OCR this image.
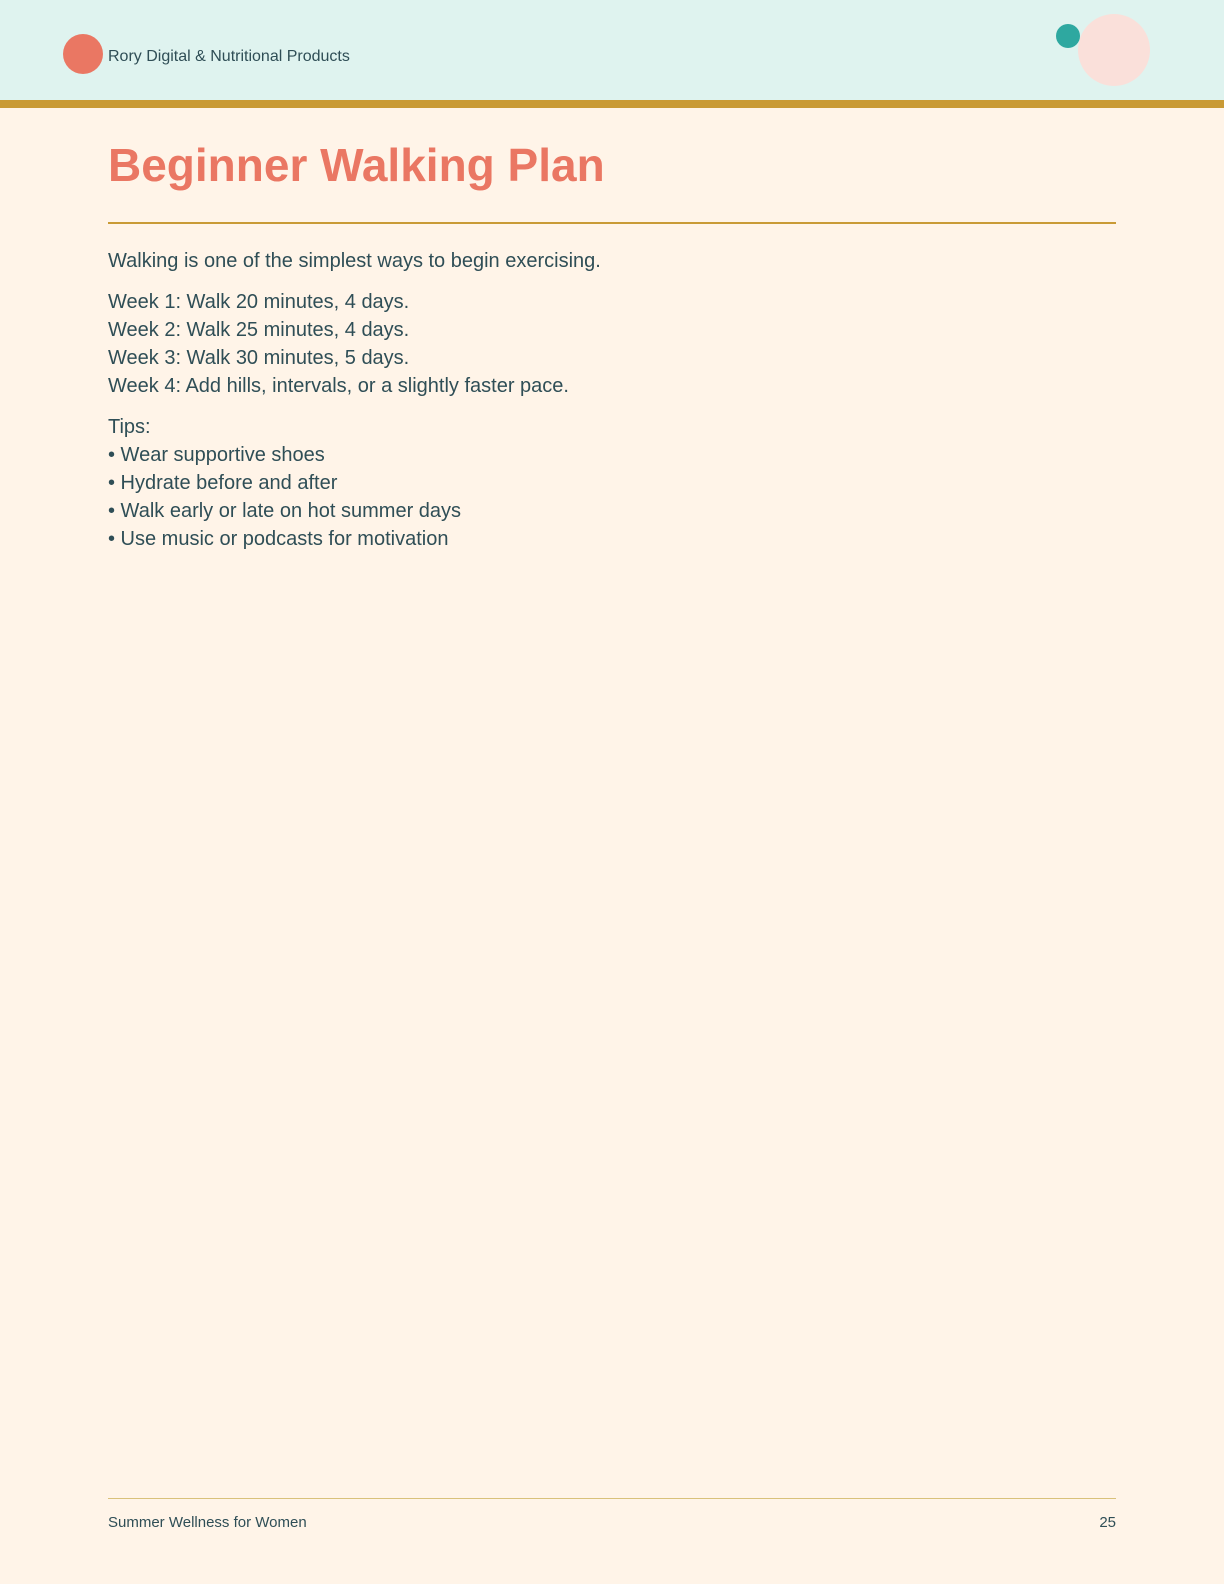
Rory Digital & Nutritional Products
Beginner Walking Plan

Walking is one of the simplest ways to begin exercising.

Week 1: Walk 20 minutes, 4 days.

Week 2: Walk 25 minutes, 4 days.

Week 3: Walk 30 minutes, 5 days.

Week 4: Add hills, intervals, or a slightly faster pace.

Tips:

• Wear supportive shoes
• Hydrate before and after
• Walk early or late on hot summer days
• Use music or podcasts for motivation
Summer Wellness for Women	25
